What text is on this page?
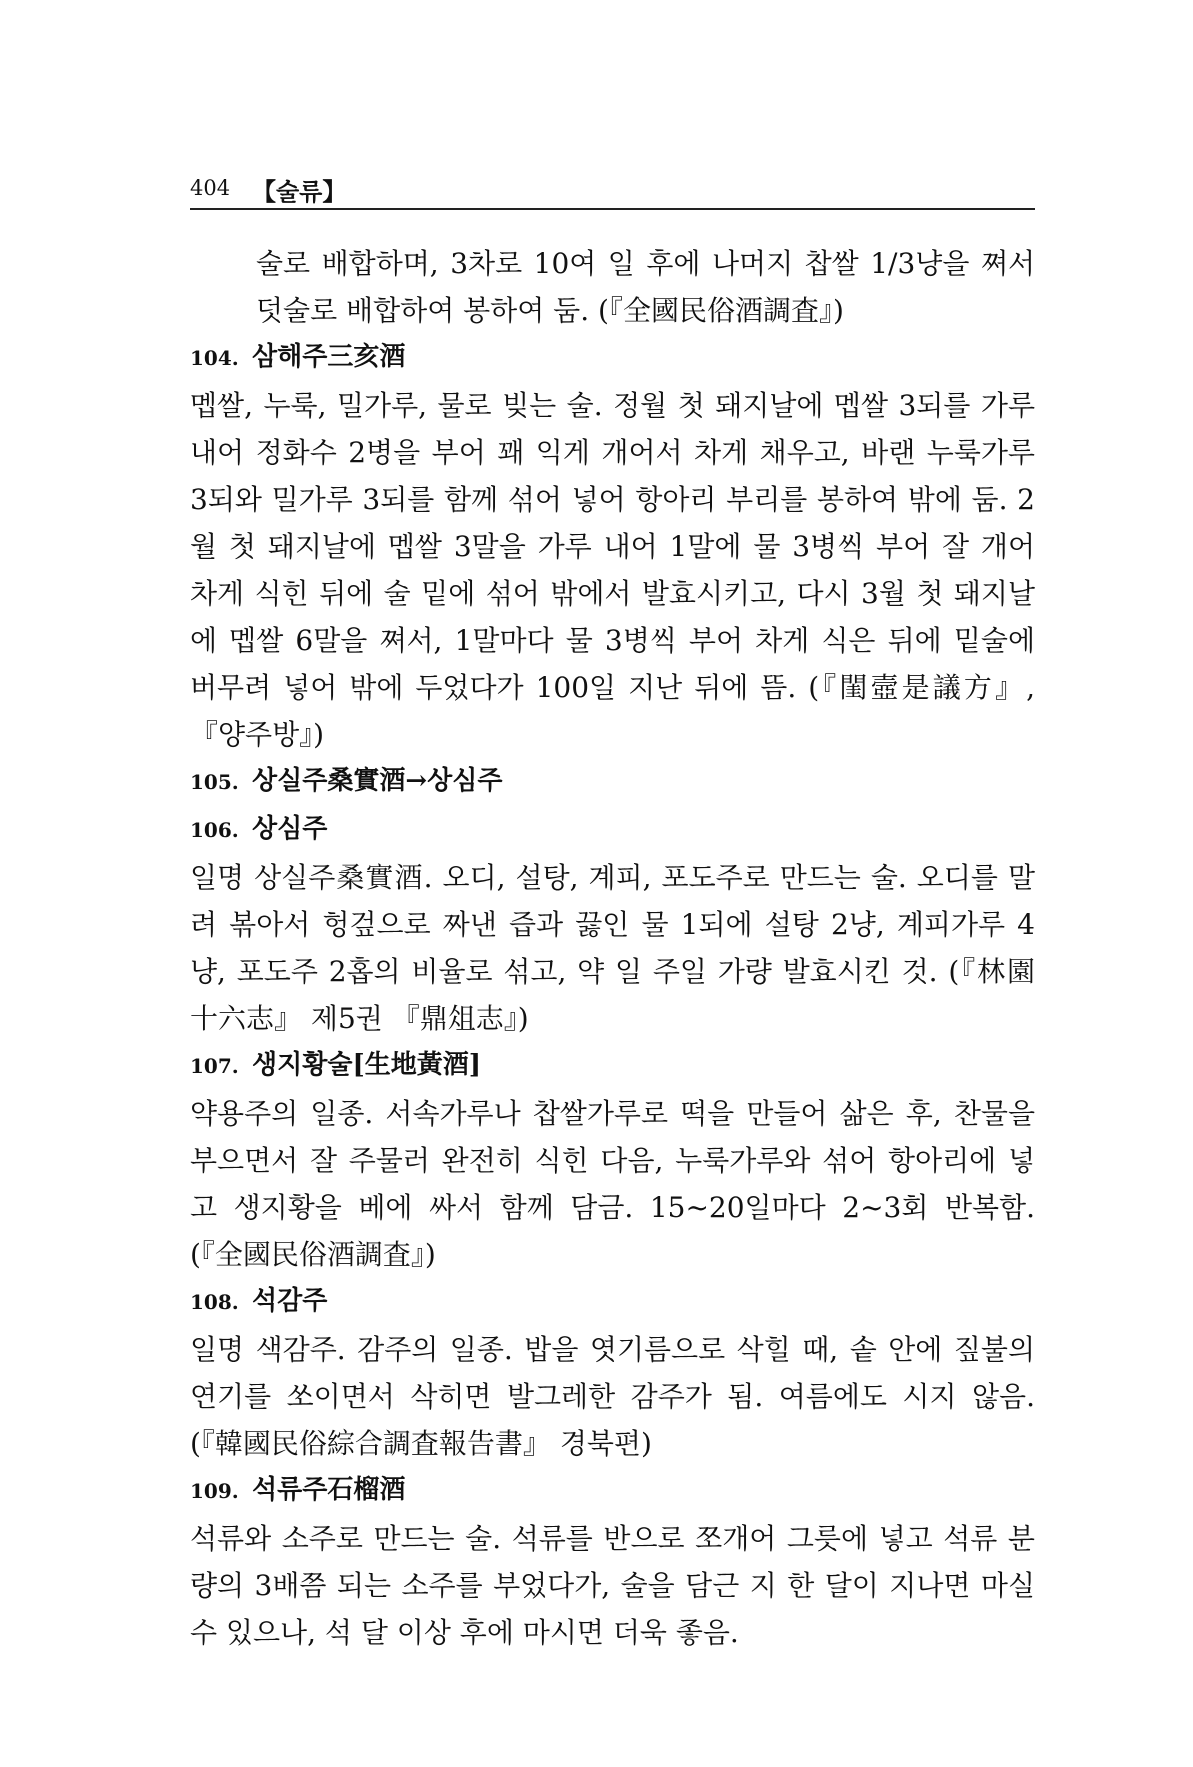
404 【술류】

술로 배합하며, 3차로 10여 일 후에 나머지 찹쌀 1/3냥을 쪄서 덧술로 배합하여 봉하여 둠. (『全國民俗酒調査』)

104. 삼해주三亥酒

멥쌀, 누룩, 밀가루, 물로 빚는 술. 정월 첫 돼지날에 멥쌀 3되를 가루 내어 정화수 2병을 부어 꽤 익게 개어서 차게 채우고, 바랜 누룩가루 3되와 밀가루 3되를 함께 섞어 넣어 항아리 부리를 봉하여 밖에 둠. 2월 첫 돼지날에 멥쌀 3말을 가루 내어 1말에 물 3병씩 부어 잘 개어 차게 식힌 뒤에 술 밑에 섞어 밖에서 발효시키고, 다시 3월 첫 돼지날에 멥쌀 6말을 쪄서, 1말마다 물 3병씩 부어 차게 식은 뒤에 밑술에 버무려 넣어 밖에 두었다가 100일 지난 뒤에 뜸. (『閨壼是議方』, 『양주방』)

105. 상실주桑實酒→상심주
106. 상심주

일명 상실주桑實酒. 오디, 설탕, 계피, 포도주로 만드는 술. 오디를 말려 볶아서 헝겊으로 짜낸 즙과 끓인 물 1되에 설탕 2냥, 계피가루 4냥, 포도주 2홉의 비율로 섞고, 약 일 주일 가량 발효시킨 것. (『林園十六志』 제5권 『鼎俎志』)

107. 생지황술[生地黃酒]

약용주의 일종. 서속가루나 찹쌀가루로 떡을 만들어 삶은 후, 찬물을 부으면서 잘 주물러 완전히 식힌 다음, 누룩가루와 섞어 항아리에 넣고 생지황을 베에 싸서 함께 담금. 15~20일마다 2~3회 반복함. (『全國民俗酒調査』)

108. 석감주

일명 색감주. 감주의 일종. 밥을 엿기름으로 삭힐 때, 솥 안에 짚불의 연기를 쏘이면서 삭히면 발그레한 감주가 됨. 여름에도 시지 않음. (『韓國民俗綜合調査報告書』 경북편)

109. 석류주石榴酒

석류와 소주로 만드는 술. 석류를 반으로 쪼개어 그릇에 넣고 석류 분량의 3배쯤 되는 소주를 부었다가, 술을 담근 지 한 달이 지나면 마실 수 있으나, 석 달 이상 후에 마시면 더욱 좋음.
